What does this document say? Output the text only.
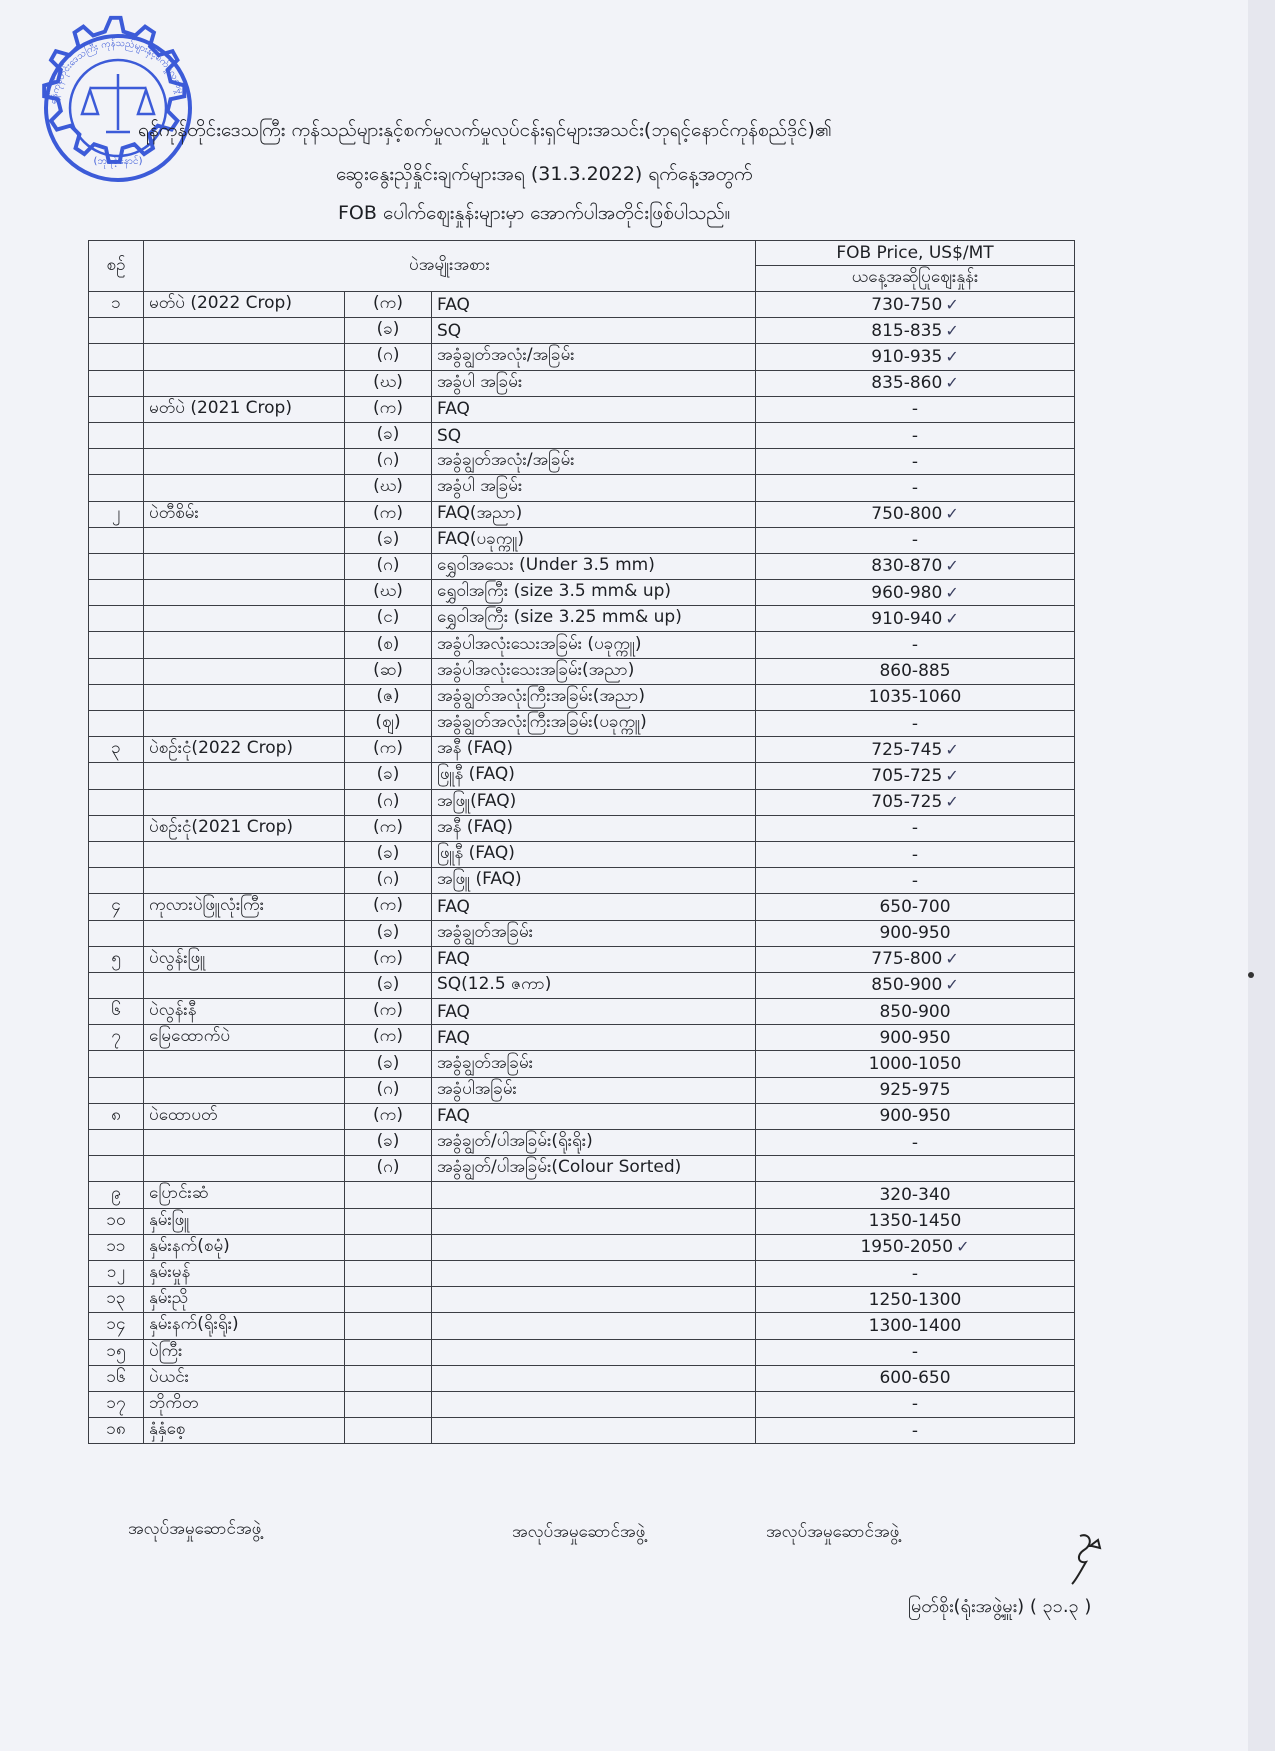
ရန်ကုန်တိုင်းဒေသကြီး ကုန်သည်များနှင့်စက်မှုလက်မှု
(ဘုရင့်နောင်)
ရန်ကုန်တိုင်းဒေသကြီး ကုန်သည်များနှင့်စက်မှုလက်မှုလုပ်ငန်းရှင်များအသင်း(ဘုရင့်နောင်ကုန်စည်ဒိုင်)၏
ဆွေးနွေးညှိနှိုင်းချက်များအရ (31.3.2022) ရက်နေ့အတွက်
FOB ပေါက်ဈေးနှုန်းများမှာ အောက်ပါအတိုင်းဖြစ်ပါသည်။
စဉ်	ပဲအမျိုးအစား			FOB Price, US$/MT
				ယနေ့အဆိုပြုဈေးနှုန်း
၁	မတ်ပဲ (2022 Crop)	(က)	FAQ	730-750 ✓
		(ခ)	SQ	815-835 ✓
		(ဂ)	အခွံချွတ်အလုံး/အခြမ်း	910-935 ✓
		(ဃ)	အခွံပါ အခြမ်း	835-860 ✓
	မတ်ပဲ (2021 Crop)	(က)	FAQ	-
		(ခ)	SQ	-
		(ဂ)	အခွံချွတ်အလုံး/အခြမ်း	-
		(ဃ)	အခွံပါ အခြမ်း	-
၂	ပဲတီစိမ်း	(က)	FAQ(အညာ)	750-800 ✓
		(ခ)	FAQ(ပခုက္ကူ)	-
		(ဂ)	ရွှေဝါအသေး (Under 3.5 mm)	830-870 ✓
		(ဃ)	ရွှေဝါအကြီး (size 3.5 mm& up)	960-980 ✓
		(င)	ရွှေဝါအကြီး (size 3.25 mm& up)	910-940 ✓
		(စ)	အခွံပါအလုံးသေးအခြမ်း (ပခုက္ကူ)	-
		(ဆ)	အခွံပါအလုံးသေးအခြမ်း(အညာ)	860-885
		(ဇ)	အခွံချွတ်အလုံးကြီးအခြမ်း(အညာ)	1035-1060
		(ဈ)	အခွံချွတ်အလုံးကြီးအခြမ်း(ပခုက္ကူ)	-
၃	ပဲစဉ်းငုံ(2022 Crop)	(က)	အနီ (FAQ)	725-745 ✓
		(ခ)	ဖြူနီ (FAQ)	705-725 ✓
		(ဂ)	အဖြူ(FAQ)	705-725 ✓
	ပဲစဉ်းငုံ(2021 Crop)	(က)	အနီ (FAQ)	-
		(ခ)	ဖြူနီ (FAQ)	-
		(ဂ)	အဖြူ (FAQ)	-
၄	ကုလားပဲဖြူလုံးကြီး	(က)	FAQ	650-700
		(ခ)	အခွံချွတ်အခြမ်း	900-950
၅	ပဲလွန်းဖြူ	(က)	FAQ	775-800 ✓
		(ခ)	SQ(12.5 ဇကာ)	850-900 ✓
၆	ပဲလွန်းနီ	(က)	FAQ	850-900
၇	မြေထောက်ပဲ	(က)	FAQ	900-950
		(ခ)	အခွံချွတ်အခြမ်း	1000-1050
		(ဂ)	အခွံပါအခြမ်း	925-975
၈	ပဲထောပတ်	(က)	FAQ	900-950
		(ခ)	အခွံချွတ်/ပါအခြမ်း(ရိုးရိုး)	-
		(ဂ)	အခွံချွတ်/ပါအခြမ်း(Colour Sorted)	
၉	ပြောင်းဆံ			320-340
၁၀	နှမ်းဖြူ			1350-1450
၁၁	နှမ်းနက်(စမုံ)			1950-2050 ✓
၁၂	နှမ်းမှုန်			-
၁၃	နှမ်းညို			1250-1300
၁၄	နှမ်းနက်(ရိုးရိုး)			1300-1400
၁၅	ပဲကြီး			-
၁၆	ပဲယင်း			600-650
၁၇	ဘိုကိတ			-
၁၈	နှံနှံစေ့			-
အလုပ်အမှုဆောင်အဖွဲ့	အလုပ်အမှုဆောင်အဖွဲ့	အလုပ်အမှုဆောင်အဖွဲ့
မြတ်စိုး(ရုံးအဖွဲ့မှူး) ( ၃၁.၃ )
